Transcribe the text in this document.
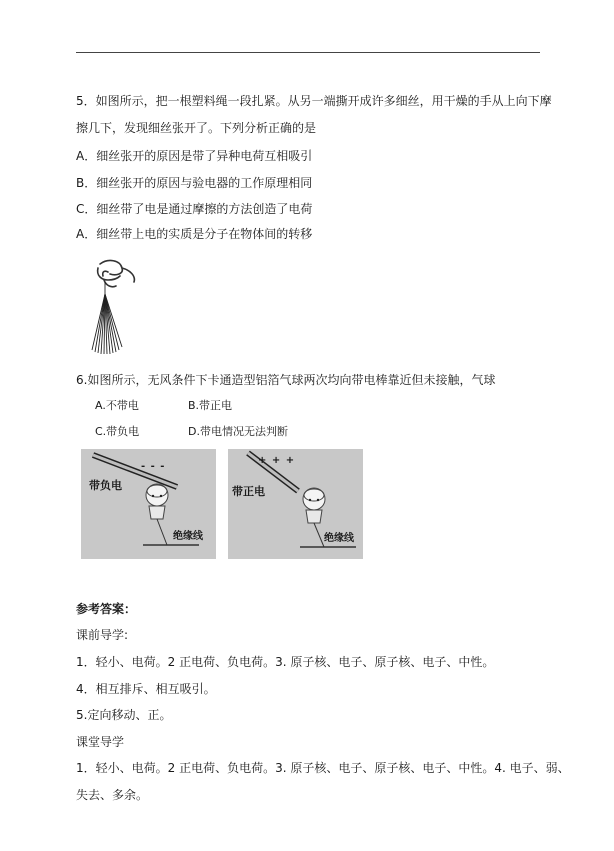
5．如图所示，把一根塑料绳一段扎紧。从另一端撕开成许多细丝，用干燥的手从上向下摩
擦几下，发现细丝张开了。下列分析正确的是
A．细丝张开的原因是带了异种电荷互相吸引
B．细丝张开的原因与验电器的工作原理相同
C．细丝带了电是通过摩擦的方法创造了电荷
A．细丝带上电的实质是分子在物体间的转移
6.如图所示，无风条件下卡通造型铝箔气球两次均向带电棒靠近但未接触，气球
A.不带电	B.带正电
C.带负电	D.带电情况无法判断
带负电
- - -
绝缘线
带正电
+ + +
绝缘线
参考答案：
课前导学:
1．轻小、电荷。2 正电荷、负电荷。3. 原子核、电子、原子核、电子、中性。
4．相互排斥、相互吸引。
5.定向移动、正。
课堂导学
1．轻小、电荷。2 正电荷、负电荷。3. 原子核、电子、原子核、电子、中性。4. 电子、弱、
失去、多余。
